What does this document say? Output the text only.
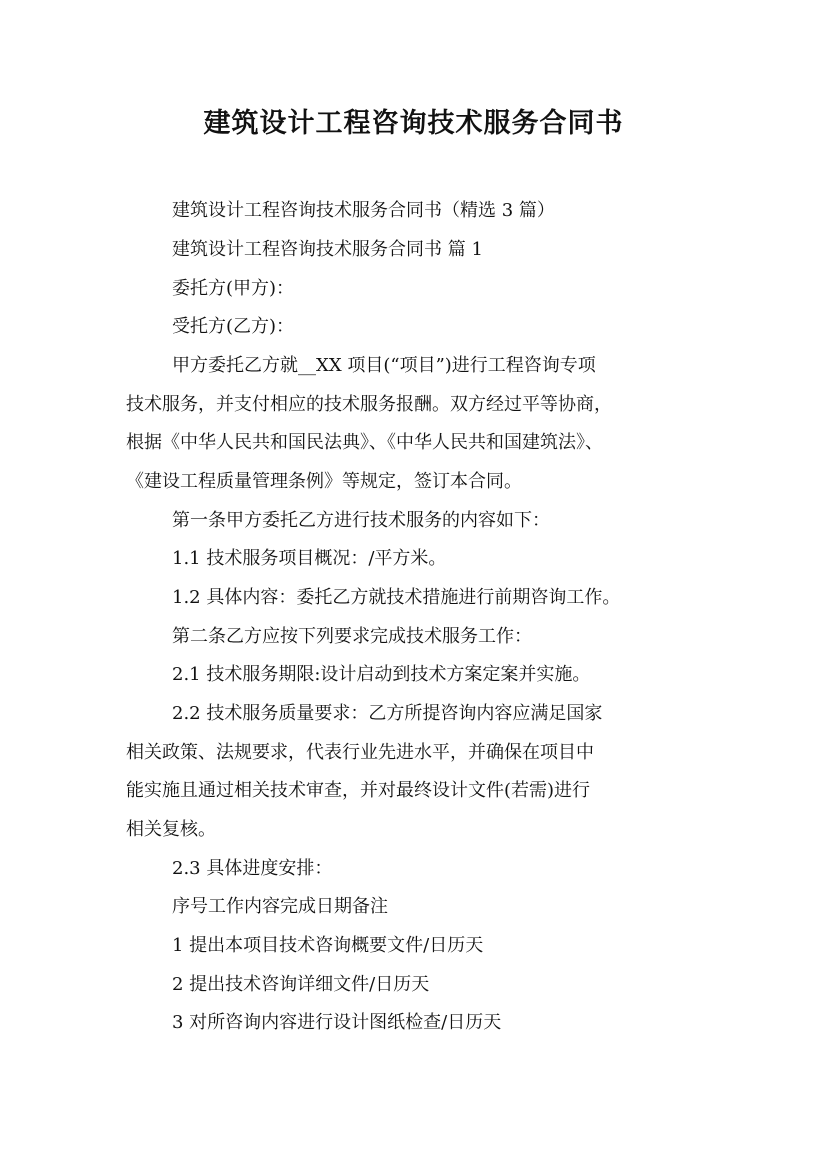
建筑设计工程咨询技术服务合同书

建筑设计工程咨询技术服务合同书（精选 3 篇）

建筑设计工程咨询技术服务合同书 篇 1

委托方(甲方)：

受托方(乙方)：

甲方委托乙方就__XX 项目(“项目”)进行工程咨询专项

技术服务，并支付相应的技术服务报酬。双方经过平等协商，

根据《中华人民共和国民法典》、《中华人民共和国建筑法》、

《建设工程质量管理条例》等规定，签订本合同。

第一条甲方委托乙方进行技术服务的内容如下：

1.1 技术服务项目概况：/平方米。

1.2 具体内容：委托乙方就技术措施进行前期咨询工作。

第二条乙方应按下列要求完成技术服务工作：

2.1 技术服务期限:设计启动到技术方案定案并实施。

2.2 技术服务质量要求：乙方所提咨询内容应满足国家

相关政策、法规要求，代表行业先进水平，并确保在项目中

能实施且通过相关技术审查，并对最终设计文件(若需)进行

相关复核。

2.3 具体进度安排：

序号工作内容完成日期备注

1 提出本项目技术咨询概要文件/日历天

2 提出技术咨询详细文件/日历天

3 对所咨询内容进行设计图纸检查/日历天
